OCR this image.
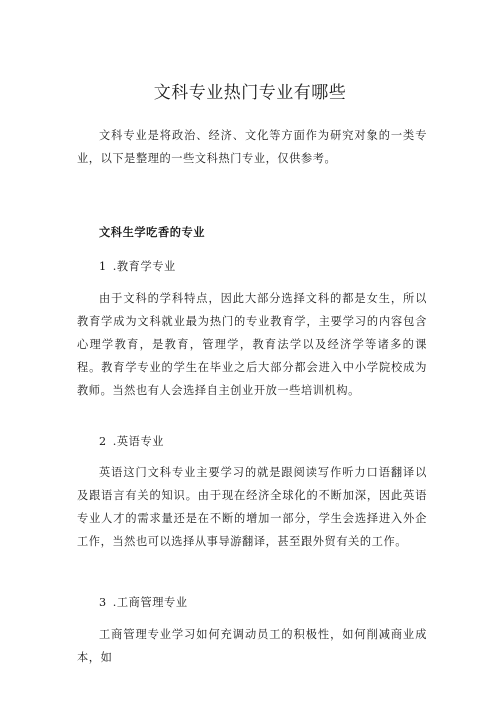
文科专业热门专业有哪些

文科专业是将政治、经济、文化等方面作为研究对象的一类专业，以下是整理的一些文科热门专业，仅供参考。

文科生学吃香的专业
1 .教育学专业

由于文科的学科特点，因此大部分选择文科的都是女生，所以教育学成为文科就业最为热门的专业教育学，主要学习的内容包含心理学教育，是教育，管理学，教育法学以及经济学等诸多的课程。教育学专业的学生在毕业之后大部分都会进入中小学院校成为教师。当然也有人会选择自主创业开放一些培训机构。

2 .英语专业

英语这门文科专业主要学习的就是跟阅读写作听力口语翻译以及跟语言有关的知识。由于现在经济全球化的不断加深，因此英语专业人才的需求量还是在不断的增加一部分，学生会选择进入外企工作，当然也可以选择从事导游翻译，甚至跟外贸有关的工作。

3 .工商管理专业

工商管理专业学习如何充调动员工的积极性，如何削减商业成本，如
